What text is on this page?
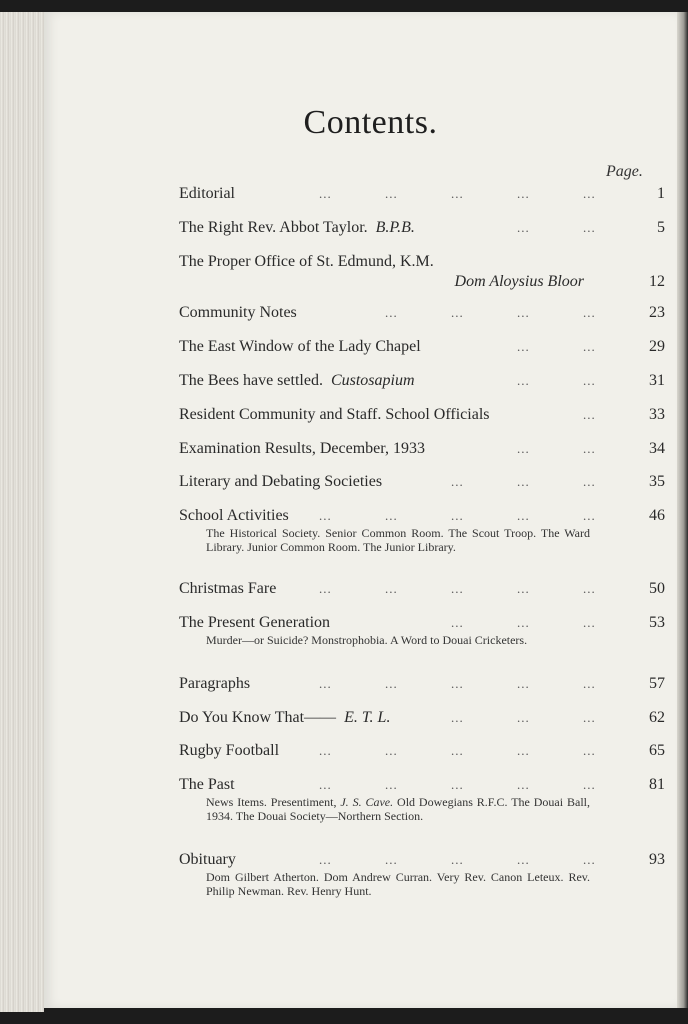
Contents.
Page.
...	...	...	...	...
Editorial	1
...	...
The Right Rev. Abbot Taylor. B.P.B.	5
The Proper Office of St. Edmund, K.M.
Dom Aloysius Bloor	12
...	...	...	...
Community Notes	23
...	...
The East Window of the Lady Chapel	29
...	...
The Bees have settled. Custosapium	31
...
Resident Community and Staff. School Officials	33
...	...
Examination Results, December, 1933	34
...	...	...
Literary and Debating Societies	35
...	...	...	...	...
School Activities	46
The Historical Society. Senior Common Room. The Scout Troop. The Ward Library. Junior Common Room. The Junior Library.
...	...	...	...	...
Christmas Fare	50
...	...	...
The Present Generation	53
Murder—or Suicide? Monstrophobia. A Word to Douai Cricketers.
...	...	...	...	...
Paragraphs	57
...	...	...
Do You Know That—— E. T. L.	62
...	...	...	...	...
Rugby Football	65
...	...	...	...	...
The Past	81
News Items. Presentiment, J. S. Cave. Old Dowegians R.F.C. The Douai Ball, 1934. The Douai Society—Northern Section.
...	...	...	...	...
Obituary	93
Dom Gilbert Atherton. Dom Andrew Curran. Very Rev. Canon Leteux. Rev. Philip Newman. Rev. Henry Hunt.
